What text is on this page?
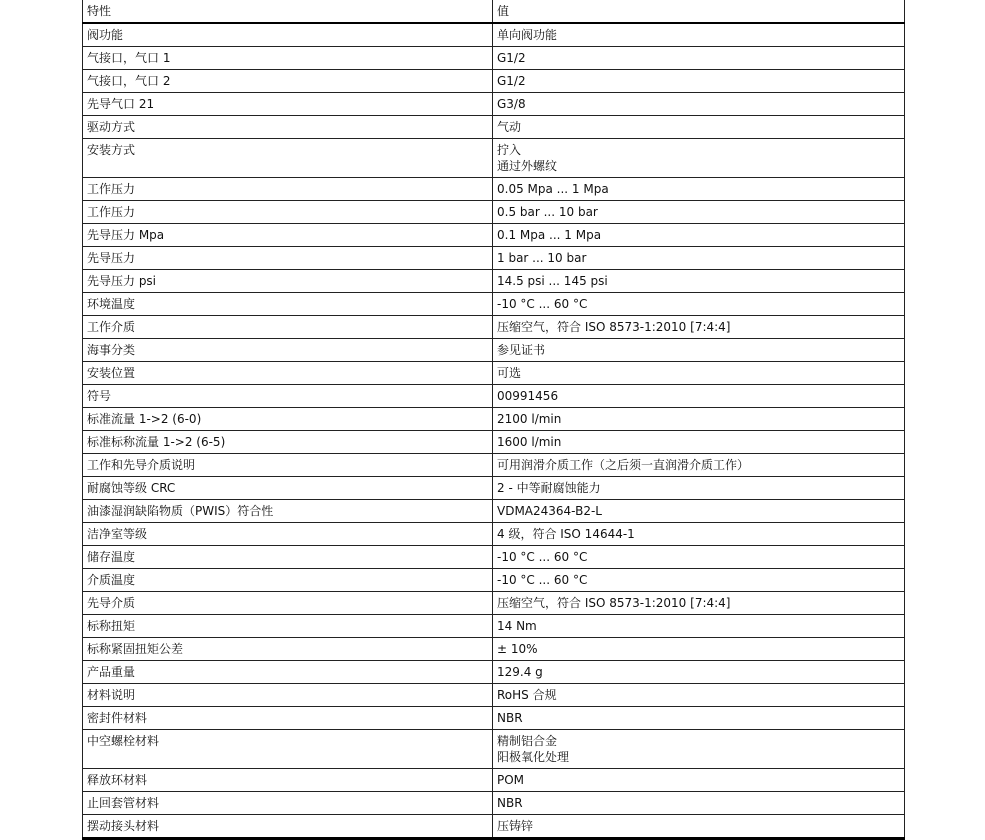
特性	值
阀功能	单向阀功能

气接口，气口 1	G1/2

气接口，气口 2	G1/2

先导气口 21	G3/8

驱动方式	气动

安装方式	拧入
通过外螺纹

工作压力	0.05 Mpa ... 1 Mpa

工作压力	0.5 bar ... 10 bar

先导压力 Mpa	0.1 Mpa ... 1 Mpa

先导压力	1 bar ... 10 bar

先导压力 psi	14.5 psi ... 145 psi

环境温度	-10 °C ... 60 °C

工作介质	压缩空气，符合 ISO 8573-1:2010 [7:4:4]

海事分类	参见证书

安装位置	可选

符号	00991456

标准流量 1->2 (6-0)	2100 l/min

标准标称流量 1->2 (6-5)	1600 l/min

工作和先导介质说明	可用润滑介质工作（之后须一直润滑介质工作）

耐腐蚀等级 CRC	2 - 中等耐腐蚀能力

油漆湿润缺陷物质（PWIS）符合性	VDMA24364-B2-L

洁净室等级	4 级，符合 ISO 14644-1

储存温度	-10 °C ... 60 °C

介质温度	-10 °C ... 60 °C

先导介质	压缩空气，符合 ISO 8573-1:2010 [7:4:4]

标称扭矩	14 Nm

标称紧固扭矩公差	± 10%

产品重量	129.4 g

材料说明	RoHS 合规

密封件材料	NBR

中空螺栓材料	精制铝合金
阳极氧化处理

释放环材料	POM

止回套管材料	NBR

摆动接头材料	压铸锌
